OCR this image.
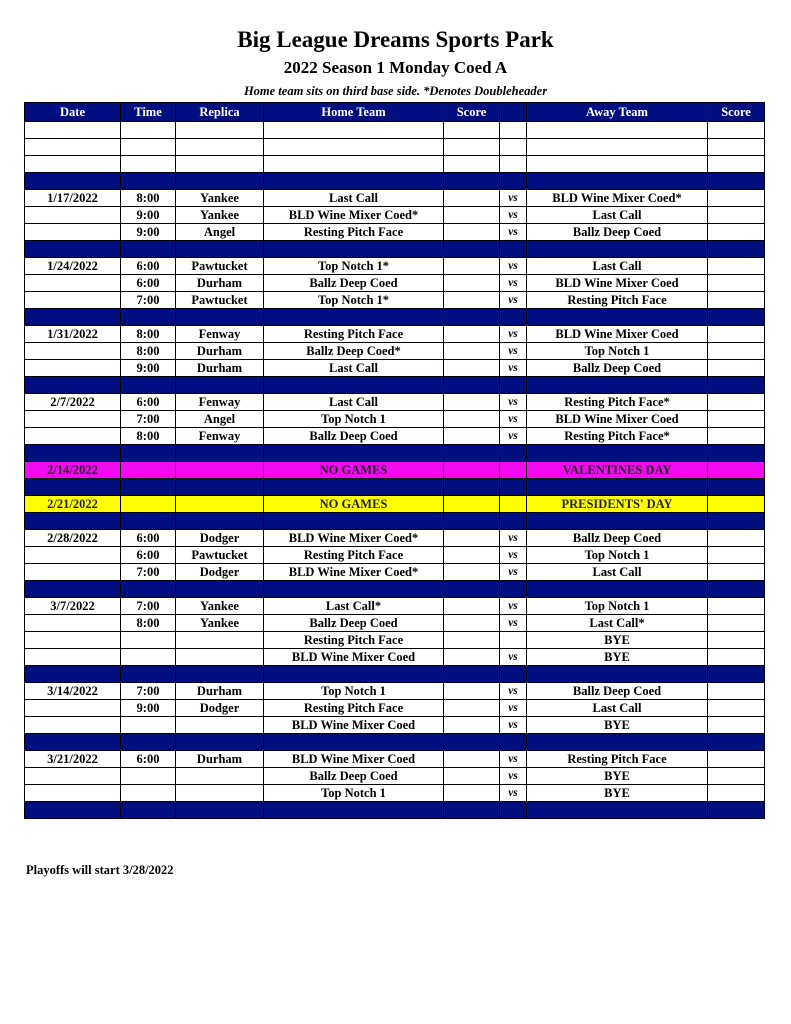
Big League Dreams Sports Park
2022 Season 1 Monday Coed A
Home team sits on third base side. *Denotes Doubleheader
Date	Time	Replica	Home Team	Score		Away Team	Score

1/17/2022	8:00	Yankee	Last Call		vs	BLD Wine Mixer Coed*	
	9:00	Yankee	BLD Wine Mixer Coed*		vs	Last Call	
	9:00	Angel	Resting Pitch Face		vs	Ballz Deep Coed	

1/24/2022	6:00	Pawtucket	Top Notch 1*		vs	Last Call	
	6:00	Durham	Ballz Deep Coed		vs	BLD Wine Mixer Coed	
	7:00	Pawtucket	Top Notch 1*		vs	Resting Pitch Face	

1/31/2022	8:00	Fenway	Resting Pitch Face		vs	BLD Wine Mixer Coed	
	8:00	Durham	Ballz Deep Coed*		vs	Top Notch 1	
	9:00	Durham	Last Call		vs	Ballz Deep Coed	

2/7/2022	6:00	Fenway	Last Call		vs	Resting Pitch Face*	
	7:00	Angel	Top Notch 1		vs	BLD Wine Mixer Coed	
	8:00	Fenway	Ballz Deep Coed		vs	Resting Pitch Face*	

2/14/2022			NO GAMES			VALENTINES DAY	

2/21/2022			NO GAMES			PRESIDENTS' DAY	

2/28/2022	6:00	Dodger	BLD Wine Mixer Coed*		vs	Ballz Deep Coed	
	6:00	Pawtucket	Resting Pitch Face		vs	Top Notch 1	
	7:00	Dodger	BLD Wine Mixer Coed*		vs	Last Call	

3/7/2022	7:00	Yankee	Last Call*		vs	Top Notch 1	
	8:00	Yankee	Ballz Deep Coed		vs	Last Call*	
			Resting Pitch Face			BYE	
			BLD Wine Mixer Coed		vs	BYE	

3/14/2022	7:00	Durham	Top Notch 1		vs	Ballz Deep Coed	
	9:00	Dodger	Resting Pitch Face		vs	Last Call	
			BLD Wine Mixer Coed		vs	BYE	

3/21/2022	6:00	Durham	BLD Wine Mixer Coed		vs	Resting Pitch Face	
			Ballz Deep Coed		vs	BYE	
			Top Notch 1		vs	BYE	

Playoffs will start 3/28/2022
